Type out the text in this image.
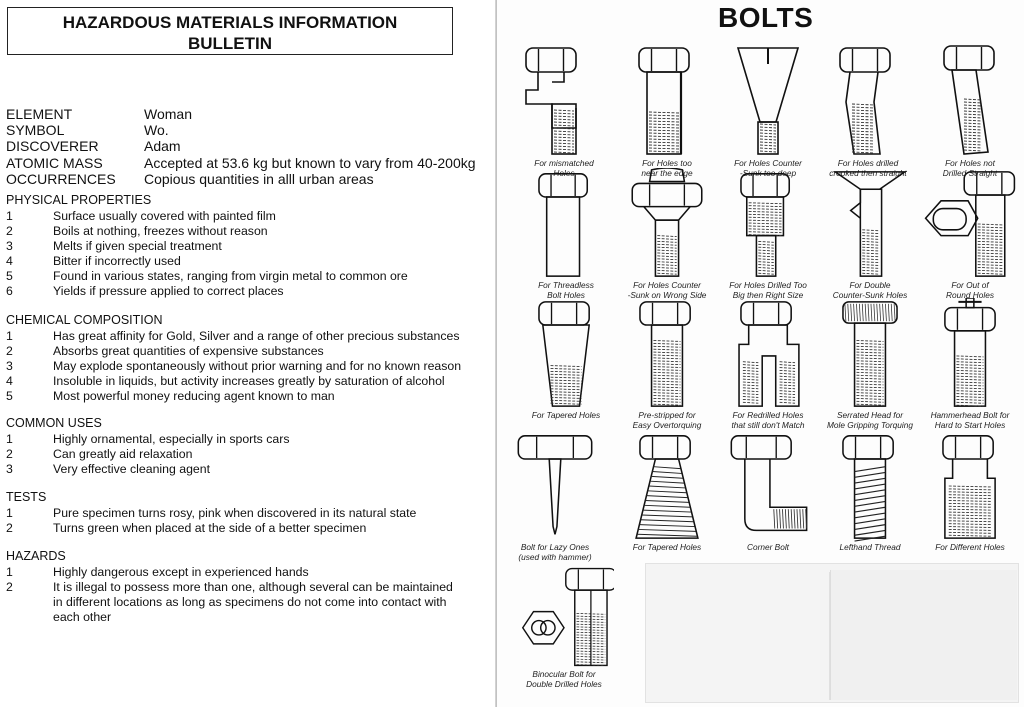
HAZARDOUS MATERIALS INFORMATION
BULLETIN
ELEMENT	Woman
SYMBOL	Wo.
DISCOVERER	Adam
ATOMIC MASS	Accepted at 53.6 kg but known to vary from 40-200kg
OCCURRENCES	Copious quantities in alll urban areas
PHYSICAL PROPERTIES
1	Surface usually covered with painted film
2	Boils at nothing, freezes without reason
3	Melts if given special treatment
4	Bitter if incorrectly used
5	Found in various states, ranging from virgin metal to common ore
6	Yields if pressure applied to correct places
CHEMICAL COMPOSITION
1	Has great affinity for Gold, Silver and a range of other precious substances
2	Absorbs great quantities of expensive substances
3	May explode spontaneously without prior warning and for no known reason
4	Insoluble in liquids, but activity increases greatly by saturation of alcohol
5	Most powerful money reducing agent known to man
COMMON USES
1	Highly ornamental, especially in sports cars
2	Can greatly aid relaxation
3	Very effective cleaning agent
TESTS
1	Pure specimen turns rosy, pink when discovered in its natural state
2	Turns green when placed at the side of a better specimen
HAZARDS
1	Highly dangerous except in experienced hands
2	It is illegal to possess more than one, although several can be maintained in different locations as long as specimens do not come into contact with each other
BOLTS
For mismatched
Holes
For Holes too
near the edge
For Holes Counter
-Sunk too deep
For Holes drilled
crooked then straight
For Holes not
Drilled Straight
For Threadless
Bolt Holes
For Holes Counter
-Sunk on Wrong Side
For Holes Drilled Too
Big then Right Size
For Double
Counter-Sunk Holes
For Out of
Round Holes
For Tapered Holes	Pre-stripped for
Easy Overtorquing
For Redrilled Holes
that still don't Match
Serrated Head for
Mole Gripping Torquing
Hammerhead Bolt for
Hard to Start Holes
Bolt for Lazy Ones
(used with hammer)
For Tapered Holes	Corner Bolt	Lefthand Thread	For Different Holes
Binocular Bolt for
Double Drilled Holes
